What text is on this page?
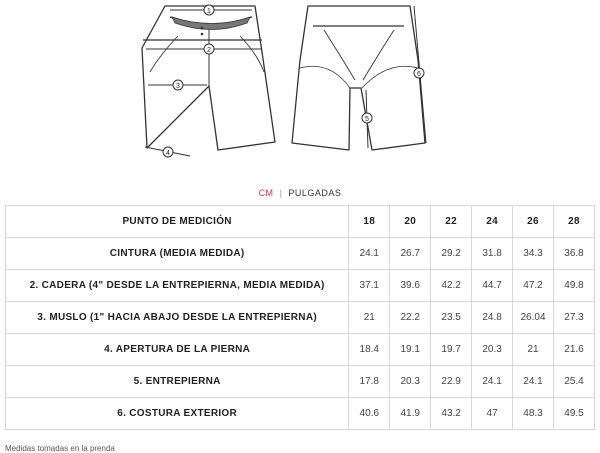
1
2
3
4
5
6
CM | PULGADAS
PUNTO DE MEDICIÓN	18	20	22	24	26	28
CINTURA (MEDIA MEDIDA)	24.1	26.7	29.2	31.8	34.3	36.8
2. CADERA (4" DESDE LA ENTREPIERNA, MEDIA MEDIDA)	37.1	39.6	42.2	44.7	47.2	49.8
3. MUSLO (1" HACIA ABAJO DESDE LA ENTREPIERNA)	21	22.2	23.5	24.8	26.04	27.3
4. APERTURA DE LA PIERNA	18.4	19.1	19.7	20.3	21	21.6
5. ENTREPIERNA	17.8	20.3	22.9	24.1	24.1	25.4
6. COSTURA EXTERIOR	40.6	41.9	43.2	47	48.3	49.5
Medidas tomadas en la prenda
